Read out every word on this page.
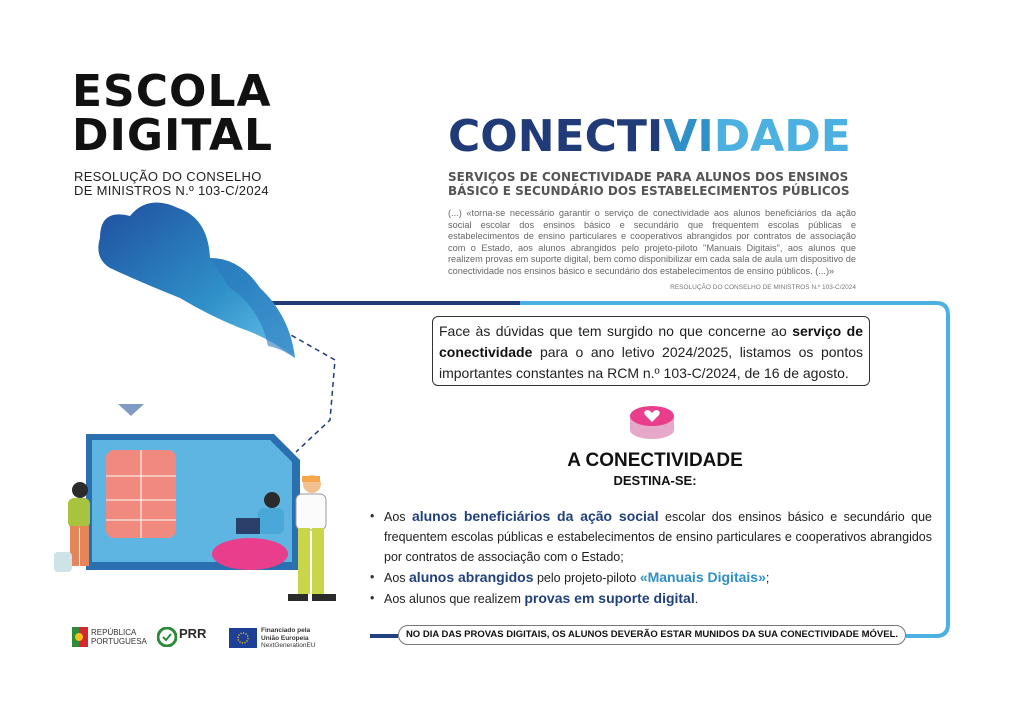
ESCOLA
DIGITAL
RESOLUÇÃO DO CONSELHO
DE MINISTROS N.º 103-C/2024
CONECTIVIDADE
SERVIÇOS DE CONECTIVIDADE PARA ALUNOS DOS ENSINOS
BÁSICO E SECUNDÁRIO DOS ESTABELECIMENTOS PÚBLICOS
(...) «torna-se necessário garantir o serviço de conectividade aos alunos beneficiários da ação social escolar dos ensinos básico e secundário que frequentem escolas públicas e estabelecimentos de ensino particulares e cooperativos abrangidos por contratos de associação com o Estado, aos alunos abrangidos pelo projeto-piloto "Manuais Digitais", aos alunos que realizem provas em suporte digital, bem como disponibilizar em cada sala de aula um dispositivo de conectividade nos ensinos básico e secundário dos estabelecimentos de ensino públicos. (...)»
RESOLUÇÃO DO CONSELHO DE MINISTROS N.º 103-C/2024
Face às dúvidas que tem surgido no que concerne ao serviço de conectividade para o ano letivo 2024/2025, listamos os pontos importantes constantes na RCM n.º 103-C/2024, de 16 de agosto.
A CONECTIVIDADE
DESTINA-SE:
• Aos alunos beneficiários da ação social escolar dos ensinos básico e secundário que frequentem escolas públicas e estabelecimentos de ensino particulares e cooperativos abrangidos por contratos de associação com o Estado;
• Aos alunos abrangidos pelo projeto-piloto «Manuais Digitais»;
• Aos alunos que realizem provas em suporte digital.
NO DIA DAS PROVAS DIGITAIS, OS ALUNOS DEVERÃO ESTAR MUNIDOS DA SUA CONECTIVIDADE MÓVEL.
REPÚBLICA
PORTUGUESA
PRR	Financiado pela
União Europeia
NextGenerationEU
